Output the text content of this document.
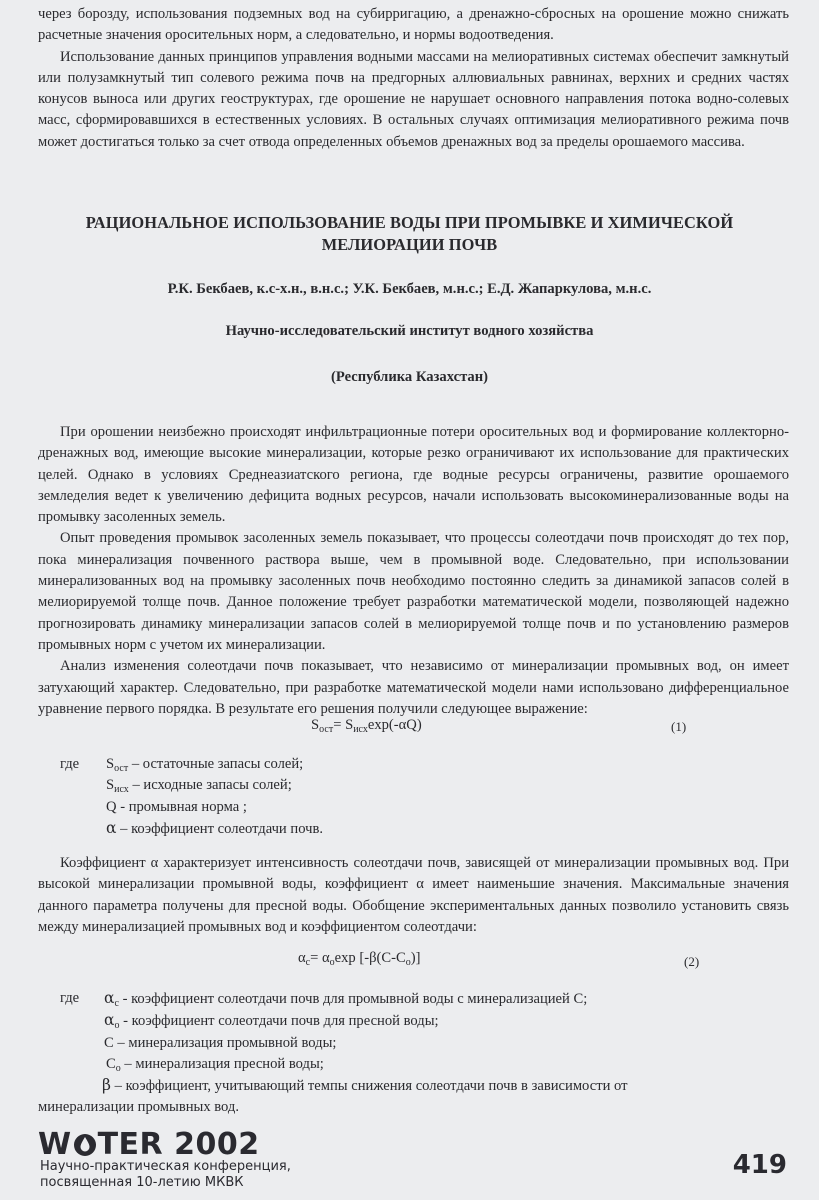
через борозду, использования подземных вод на субирригацию, а дренажно-сбросных на орошение можно снижать расчетные значения оросительных норм, а следовательно, и нормы водоотведения.

Использование данных принципов управления водными массами на мелиоративных системах обеспечит замкнутый или полузамкнутый тип солевого режима почв на предгорных аллювиальных равнинах, верхних и средних частях конусов выноса или других геоструктурах, где орошение не нарушает основного направления потока водно-солевых масс, сформировавшихся в естественных условиях. В остальных случаях оптимизация мелиоративного режима почв может достигаться только за счет отвода определенных объемов дренажных вод за пределы орошаемого массива.

РАЦИОНАЛЬНОЕ ИСПОЛЬЗОВАНИЕ ВОДЫ ПРИ ПРОМЫВКЕ И ХИМИЧЕСКОЙ МЕЛИОРАЦИИ ПОЧВ

Р.К. Бекбаев, к.с-х.н., в.н.с.; У.К. Бекбаев, м.н.с.; Е.Д. Жапаркулова, м.н.с.

Научно-исследовательский институт водного хозяйства

(Республика Казахстан)

При орошении неизбежно происходят инфильтрационные потери оросительных вод и формирование коллекторно-дренажных вод, имеющие высокие минерализации, которые резко ограничивают их использование для практических целей. Однако в условиях Среднеазиатского региона, где водные ресурсы ограничены, развитие орошаемого земледелия ведет к увеличению дефицита водных ресурсов, начали использовать высокоминерализованные воды на промывку засоленных земель.

Опыт проведения промывок засоленных земель показывает, что процессы солеотдачи почв происходят до тех пор, пока минерализация почвенного раствора выше, чем в промывной воде. Следовательно, при использовании минерализованных вод на промывку засоленных почв необходимо постоянно следить за динамикой запасов солей в мелиорируемой толще почв. Данное положение требует разработки математической модели, позволяющей надежно прогнозировать динамику минерализации запасов солей в мелиорируемой толще почв и по установлению размеров промывных норм с учетом их минерализации.

Анализ изменения солеотдачи почв показывает, что независимо от минерализации промывных вод, он имеет затухающий характер. Следовательно, при разработке математической модели нами использовано дифференциальное уравнение первого порядка. В результате его решения получили следующее выражение:

$S_{ост}= S_{исх}\exp(-\alpha Q)$	(1)
где	$S_{ост}$ – остаточные запасы солей;
$S_{исх}$ – исходные запасы солей;
Q - промывная норма ;
α – коэффициент солеотдачи почв.

Коэффициент α характеризует интенсивность солеотдачи почв, зависящей от минерализации промывных вод. При высокой минерализации промывной воды, коэффициент α имеет наименьшие значения. Максимальные значения данного параметра получены для пресной воды. Обобщение экспериментальных данных позволило установить связь между минерализацией промывных вод и коэффициентом солеотдачи:

$\alpha_c= \alpha_o\exp$ $[-\beta(C-C_o)]$	(2)
где	$\alpha_c$ - коэффициент солеотдачи почв для промывной воды с минерализацией С;
$\alpha_o$ - коэффициент солеотдачи почв для пресной воды;
С – минерализация промывной воды;
$С_o$ – минерализация пресной воды;
β – коэффициент, учитывающий темпы снижения солеотдачи почв в зависимости от
минерализации промывных вод.
W TER 2002
Научно-практическая конференция,
посвященная 10-летию МКВК
419
